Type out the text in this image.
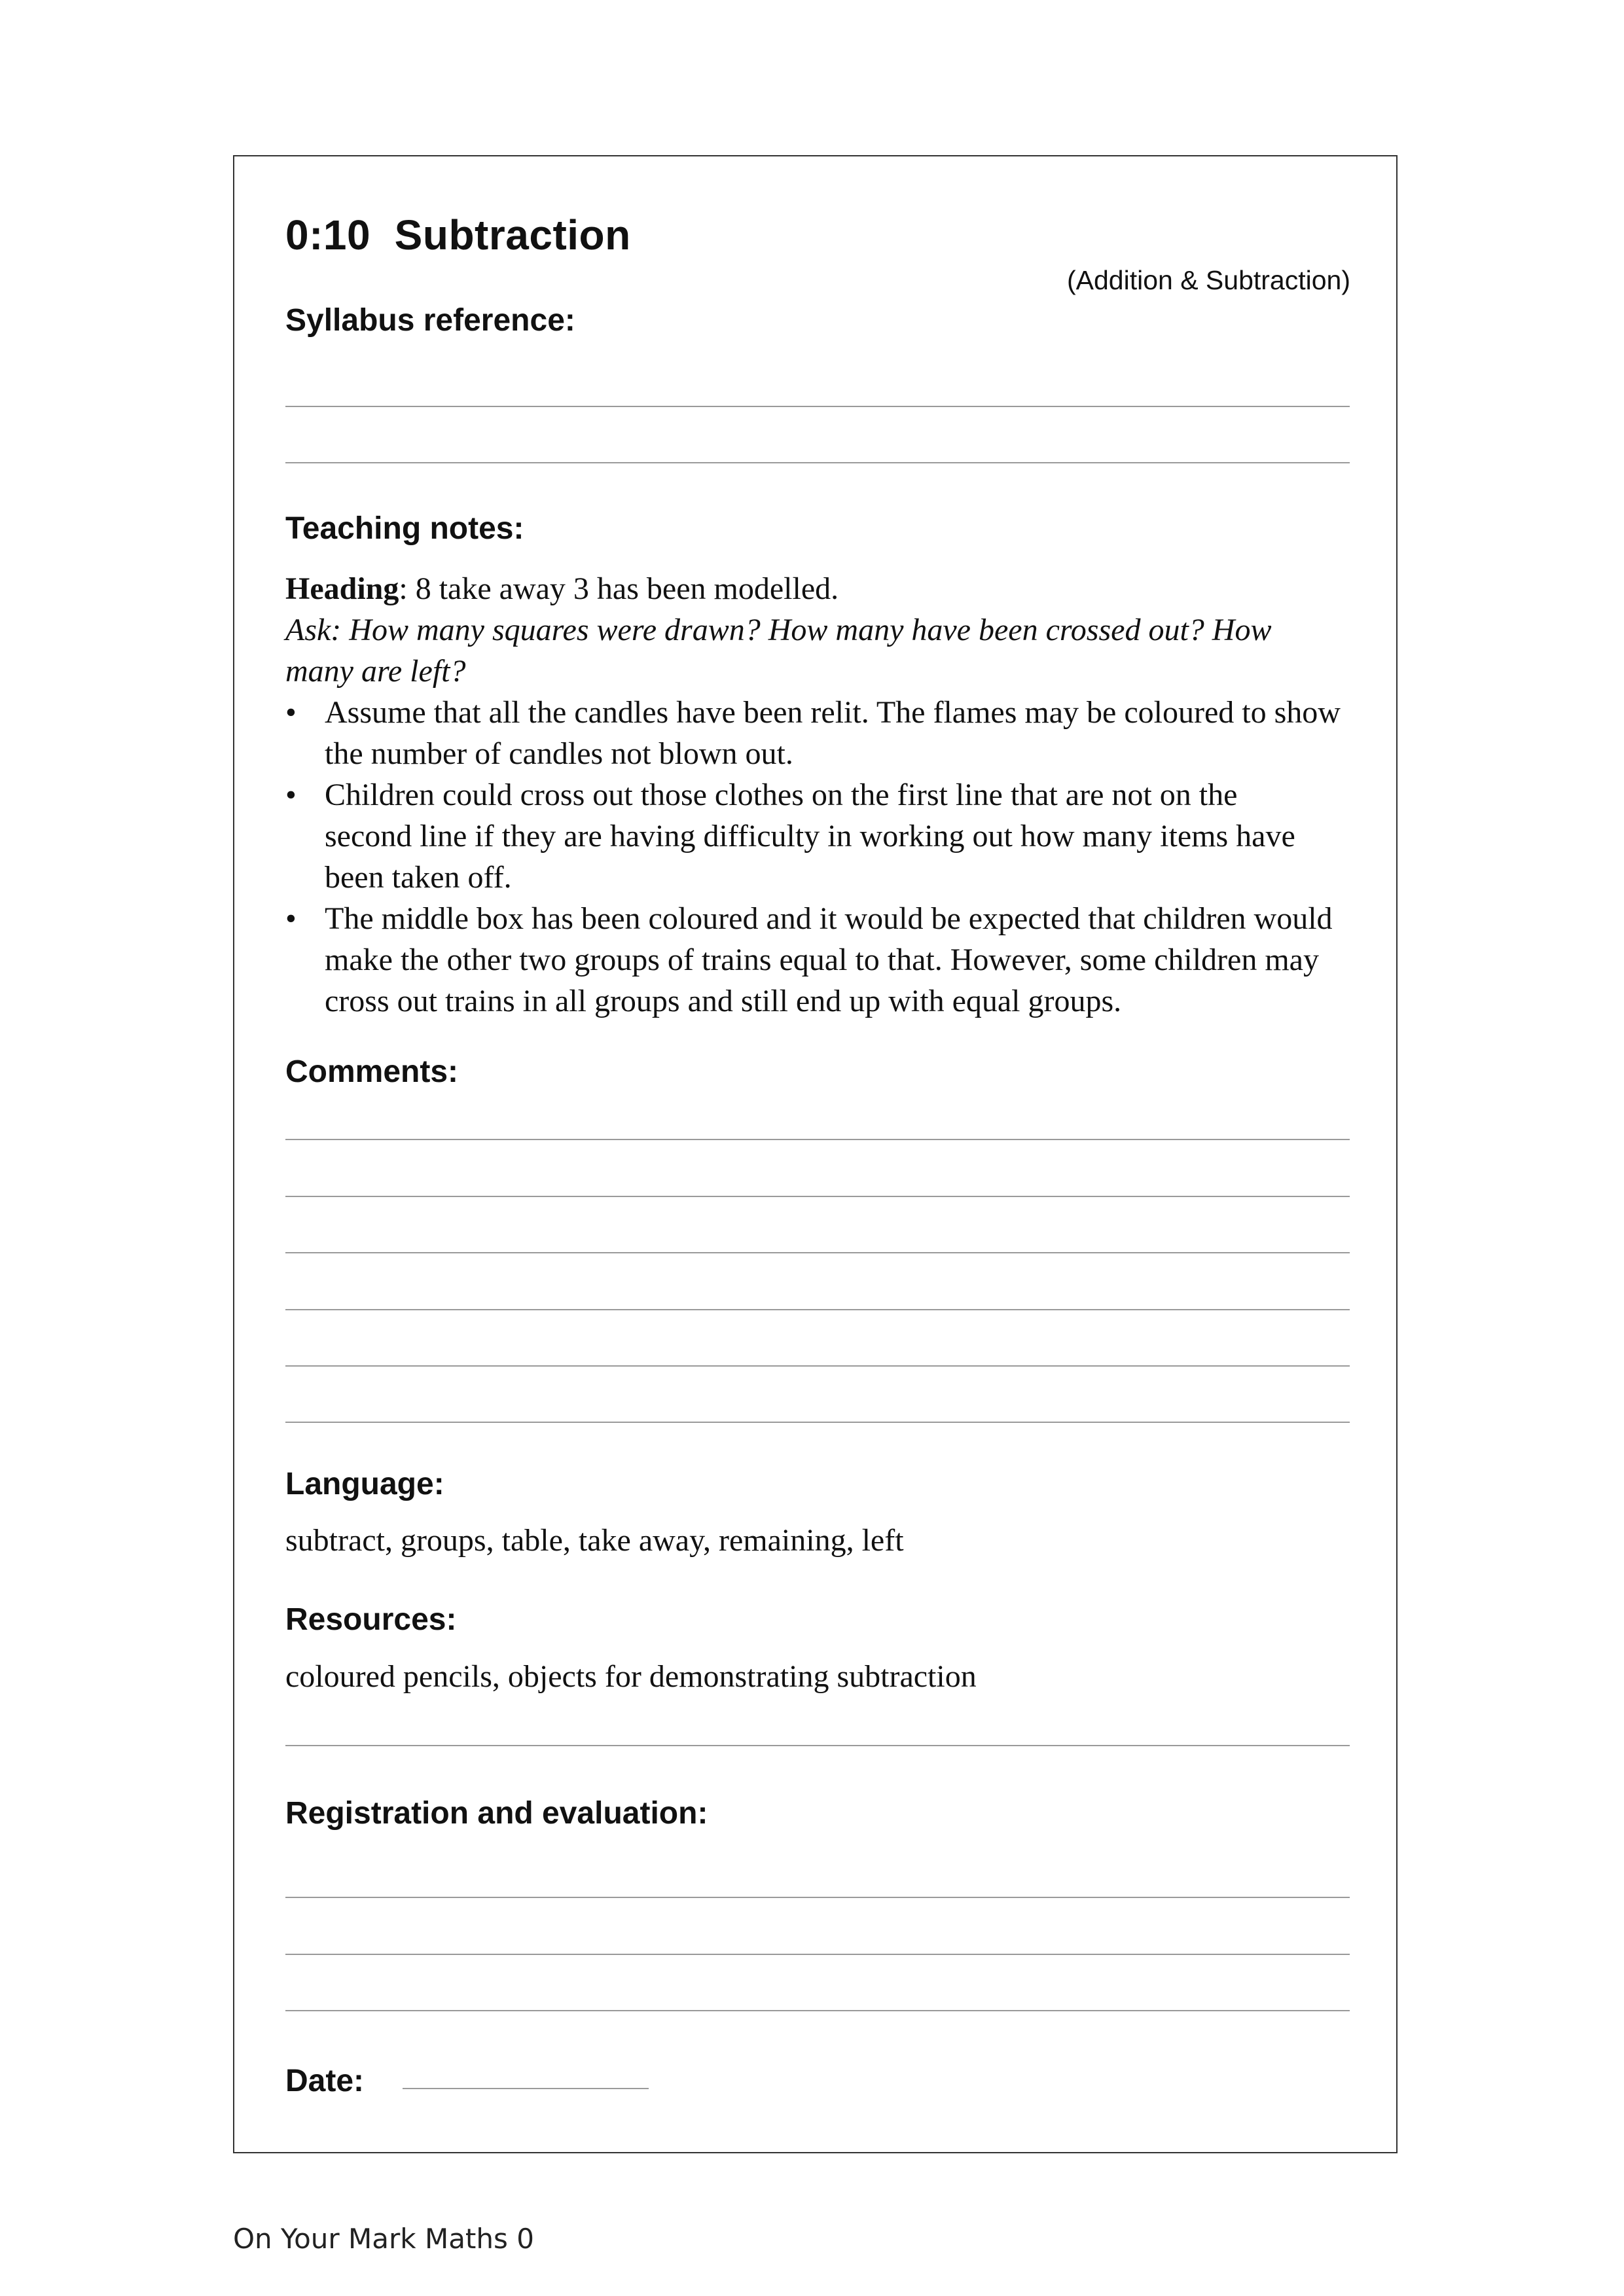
0:10  Subtraction
(Addition & Subtraction)
Syllabus reference:
Teaching notes:

Heading: 8 take away 3 has been modelled.

Ask: How many squares were drawn? How many have been crossed out? How many are left?

• Assume that all the candles have been relit. The flames may be coloured to show the number of candles not blown out.
• Children could cross out those clothes on the first line that are not on the second line if they are having difficulty in working out how many items have been taken off.
• The middle box has been coloured and it would be expected that children would make the other two groups of trains equal to that. However, some children may cross out trains in all groups and still end up with equal groups.
Comments:
Language:
subtract, groups, table, take away, remaining, left
Resources:
coloured pencils, objects for demonstrating subtraction
Registration and evaluation:
Date:
On Your Mark Maths 0
